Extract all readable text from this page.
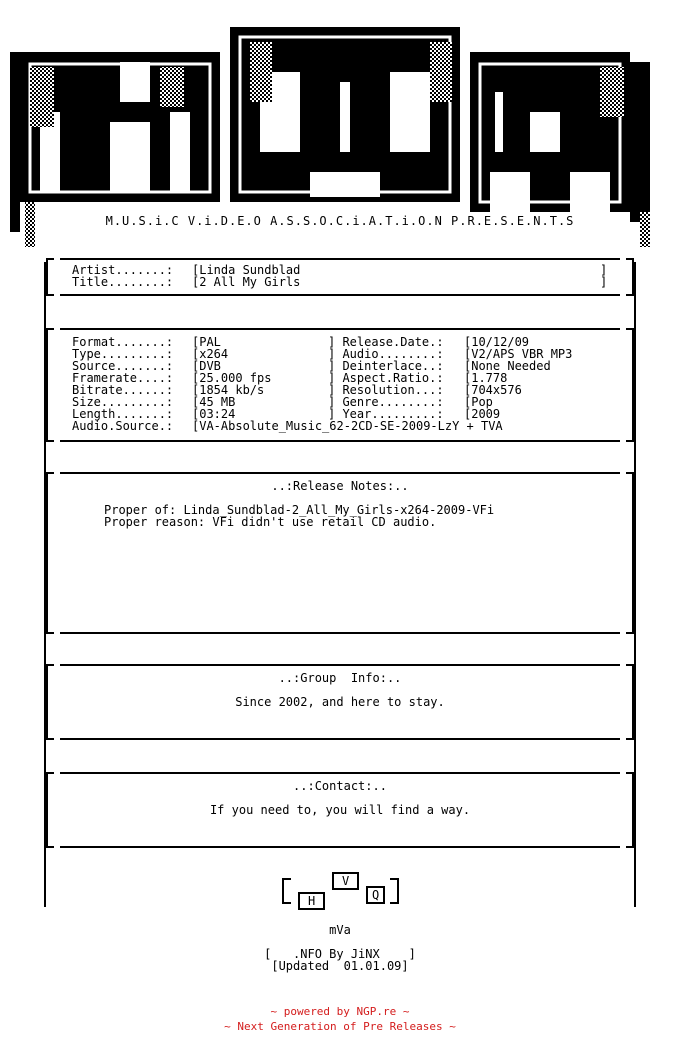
M.U.S.i.C V.i.D.E.O A.S.S.O.C.i.A.T.i.O.N P.R.E.S.E.N.T.S
Artist.......: [Linda Sundblad	]
Title........: [2 All My Girls	]
Format.......: [PAL
Type.........: [x264
Source.......: [DVB
Framerate....: [25.000 fps
Bitrate......: [1854 kb/s
Size.........: [45 MB
Length.......: [03:24
] Release.Date.: [10/12/09
] Audio........: [V2/APS VBR MP3
] Deinterlace..: [None Needed
] Aspect.Ratio.: [1.778
] Resolution...: [704x576
] Genre........: [Pop
] Year.........: [2009
Audio.Source.: [VA-Absolute_Music_62-2CD-SE-2009-LzY + TVA
..:Release Notes:..
Proper of: Linda_Sundblad-2_All_My_Girls-x264-2009-VFi
Proper reason: VFi didn't use retail CD audio.
..:Group  Info:..
Since 2002, and here to stay.
..:Contact:..
If you need to, you will find a way.
H
V
Q
mVa
[   .NFO By JiNX    ]
[Updated  01.01.09]
~ powered by NGP.re ~
~ Next Generation of Pre Releases ~
